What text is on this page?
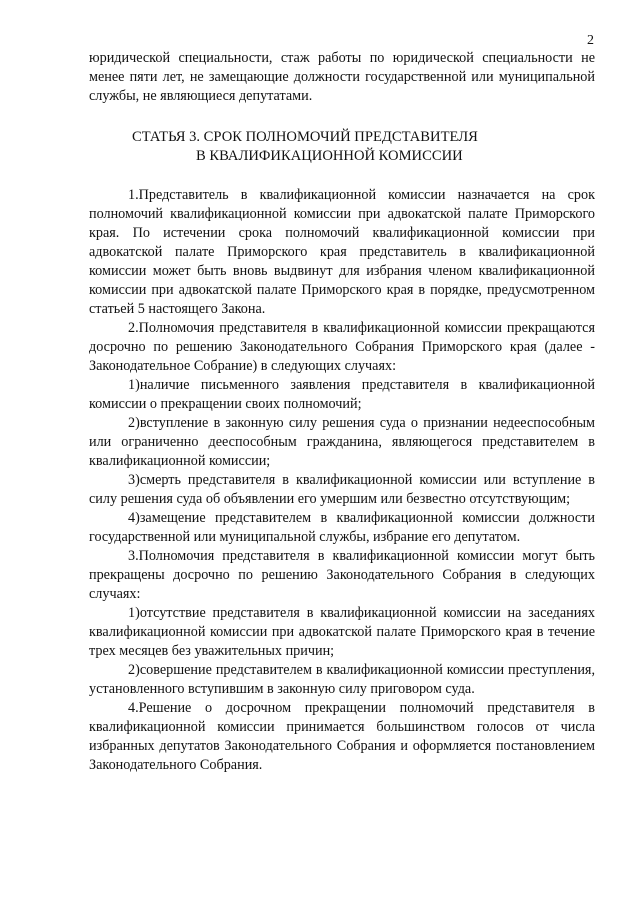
2

юридической специальности, стаж работы по юридической специальности не менее пяти лет, не замещающие должности государственной или муниципальной службы, не являющиеся депутатами.

СТАТЬЯ 3. СРОК ПОЛНОМОЧИЙ ПРЕДСТАВИТЕЛЯ
В КВАЛИФИКАЦИОННОЙ КОМИССИИ

1.Представитель в квалификационной комиссии назначается на срок полномочий квалификационной комиссии при адвокатской палате Приморского края. По истечении срока полномочий квалификационной комиссии при адвокатской палате Приморского края представитель в квалификационной комиссии может быть вновь выдвинут для избрания членом квалификационной комиссии при адвокатской палате Приморского края в порядке, предусмотренном статьей 5 настоящего Закона.

2.Полномочия представителя в квалификационной комиссии прекращаются досрочно по решению Законодательного Собрания Приморского края (далее - Законодательное Собрание) в следующих случаях:

1)наличие письменного заявления представителя в квалификационной комиссии о прекращении своих полномочий;

2)вступление в законную силу решения суда о признании недееспособным или ограниченно дееспособным гражданина, являющегося представителем в квалификационной комиссии;

3)смерть представителя в квалификационной комиссии или вступление в силу решения суда об объявлении его умершим или безвестно отсутствующим;

4)замещение представителем в квалификационной комиссии должности государственной или муниципальной службы, избрание его депутатом.

3.Полномочия представителя в квалификационной комиссии могут быть прекращены досрочно по решению Законодательного Собрания в следующих случаях:

1)отсутствие представителя в квалификационной комиссии на заседаниях квалификационной комиссии при адвокатской палате Приморского края в течение трех месяцев без уважительных причин;

2)совершение представителем в квалификационной комиссии преступления, установленного вступившим в законную силу приговором суда.

4.Решение о досрочном прекращении полномочий представителя в квалификационной комиссии принимается большинством голосов от числа избранных депутатов Законодательного Собрания и оформляется постановлением Законодательного Собрания.
